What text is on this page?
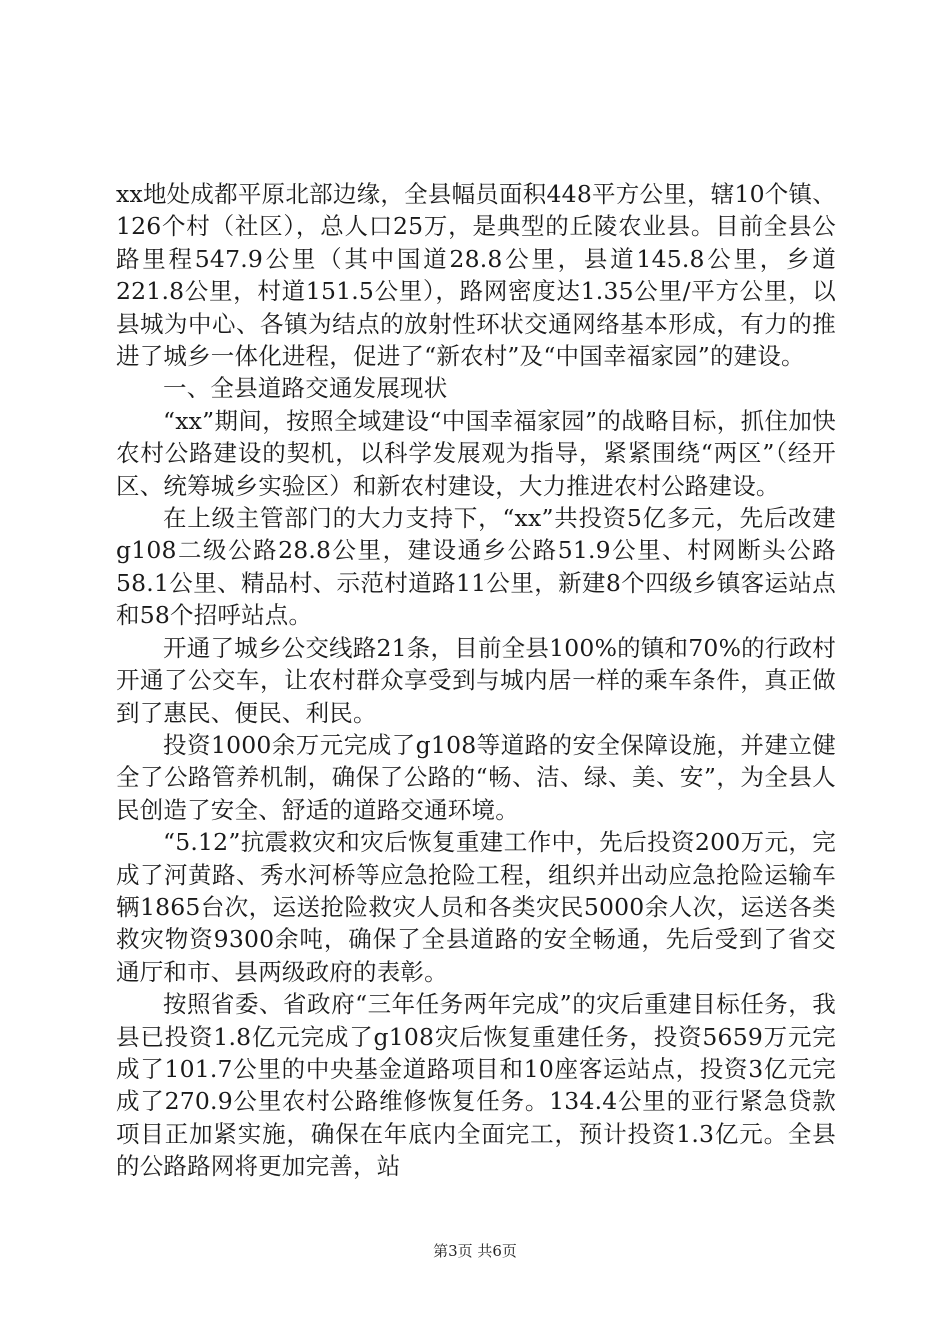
xx地处成都平原北部边缘，全县幅员面积448平方公里，辖10个镇、126个村（社区），总人口25万，是典型的丘陵农业县。目前全县公路里程547.9公里（其中国道28.8公里，县道145.8公里，乡道221.8公里，村道151.5公里），路网密度达1.35公里/平方公里，以县城为中心、各镇为结点的放射性环状交通网络基本形成，有力的推进了城乡一体化进程，促进了“新农村”及“中国幸福家园”的建设。

一、全县道路交通发展现状

“xx”期间，按照全域建设“中国幸福家园”的战略目标，抓住加快农村公路建设的契机，以科学发展观为指导，紧紧围绕“两区”（经开区、统筹城乡实验区）和新农村建设，大力推进农村公路建设。

在上级主管部门的大力支持下，“xx”共投资5亿多元，先后改建g108二级公路28.8公里，建设通乡公路51.9公里、村网断头公路58.1公里、精品村、示范村道路11公里，新建8个四级乡镇客运站点和58个招呼站点。

开通了城乡公交线路21条，目前全县100%的镇和70%的行政村开通了公交车，让农村群众享受到与城内居一样的乘车条件，真正做到了惠民、便民、利民。

投资1000余万元完成了g108等道路的安全保障设施，并建立健全了公路管养机制，确保了公路的“畅、洁、绿、美、安”，为全县人民创造了安全、舒适的道路交通环境。

“5.12”抗震救灾和灾后恢复重建工作中，先后投资200万元，完成了河黄路、秀水河桥等应急抢险工程，组织并出动应急抢险运输车辆1865台次，运送抢险救灾人员和各类灾民5000余人次，运送各类救灾物资9300余吨，确保了全县道路的安全畅通，先后受到了省交通厅和市、县两级政府的表彰。

按照省委、省政府“三年任务两年完成”的灾后重建目标任务，我县已投资1.8亿元完成了g108灾后恢复重建任务，投资5659万元完成了101.7公里的中央基金道路项目和10座客运站点，投资3亿元完成了270.9公里农村公路维修恢复任务。134.4公里的亚行紧急贷款项目正加紧实施，确保在年底内全面完工，预计投资1.3亿元。全县的公路路网将更加完善，站

第3页 共6页
